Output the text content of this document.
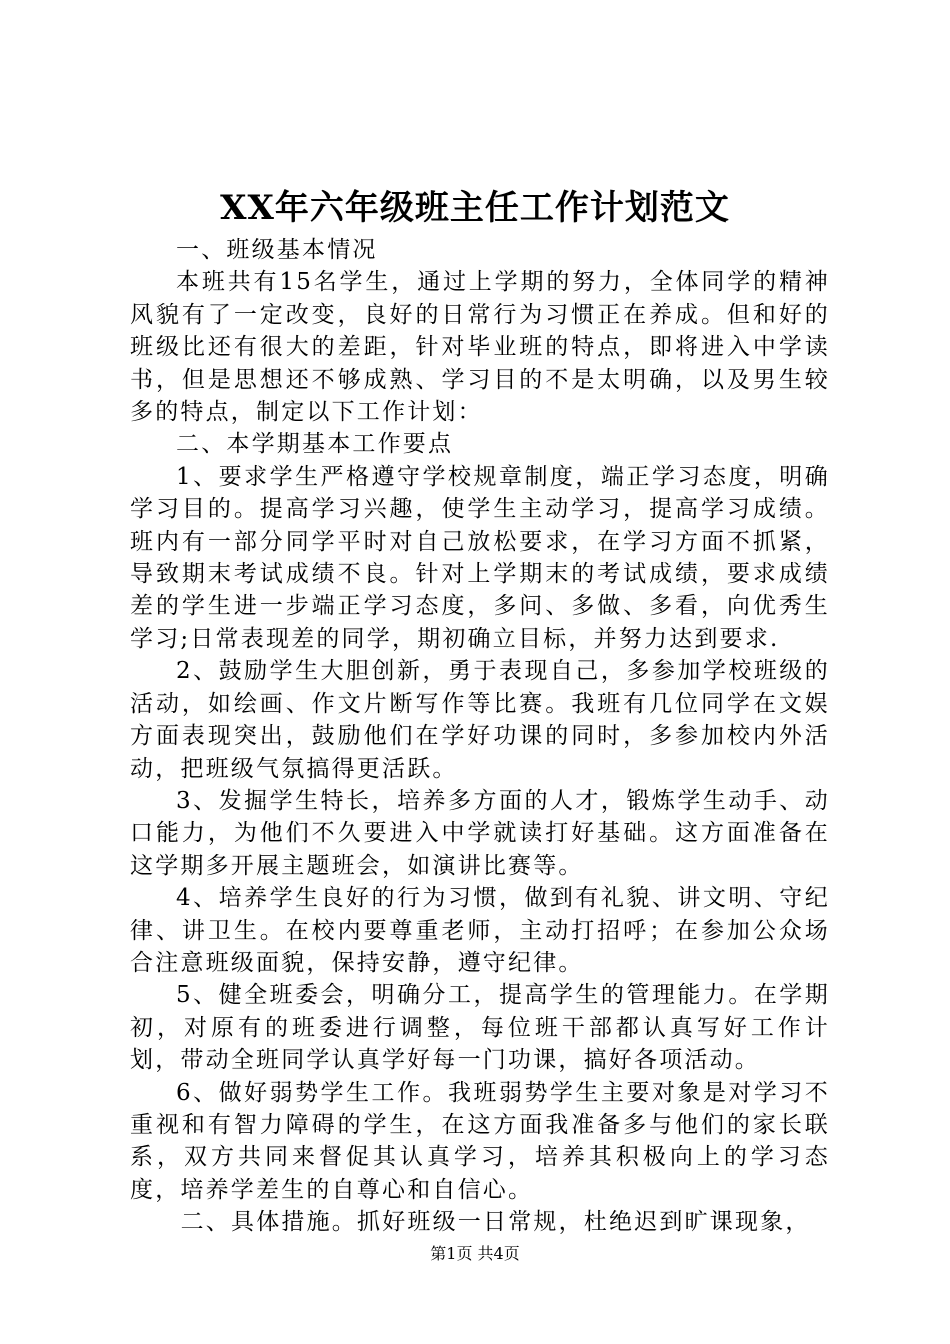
XX年六年级班主任工作计划范文

一、班级基本情况

本班共有15名学生，通过上学期的努力，全体同学的精神风貌有了一定改变，良好的日常行为习惯正在养成。但和好的班级比还有很大的差距，针对毕业班的特点，即将进入中学读书，但是思想还不够成熟、学习目的不是太明确，以及男生较多的特点，制定以下工作计划：

二、本学期基本工作要点

1、要求学生严格遵守学校规章制度，端正学习态度，明确学习目的。提高学习兴趣，使学生主动学习，提高学习成绩。班内有一部分同学平时对自己放松要求，在学习方面不抓紧，导致期末考试成绩不良。针对上学期末的考试成绩，要求成绩差的学生进一步端正学习态度，多问、多做、多看，向优秀生学习;日常表现差的同学，期初确立目标，并努力达到要求.

2、鼓励学生大胆创新，勇于表现自己，多参加学校班级的活动，如绘画、作文片断写作等比赛。我班有几位同学在文娱方面表现突出，鼓励他们在学好功课的同时，多参加校内外活动，把班级气氛搞得更活跃。

3、发掘学生特长，培养多方面的人才，锻炼学生动手、动口能力，为他们不久要进入中学就读打好基础。这方面准备在这学期多开展主题班会，如演讲比赛等。

4、培养学生良好的行为习惯，做到有礼貌、讲文明、守纪律、讲卫生。在校内要尊重老师，主动打招呼；在参加公众场合注意班级面貌，保持安静，遵守纪律。

5、健全班委会，明确分工，提高学生的管理能力。在学期初，对原有的班委进行调整，每位班干部都认真写好工作计划，带动全班同学认真学好每一门功课，搞好各项活动。

6、做好弱势学生工作。我班弱势学生主要对象是对学习不重视和有智力障碍的学生，在这方面我准备多与他们的家长联系，双方共同来督促其认真学习，培养其积极向上的学习态度，培养学差生的自尊心和自信心。

二、具体措施。抓好班级一日常规，杜绝迟到旷课现象，

第1页 共4页
